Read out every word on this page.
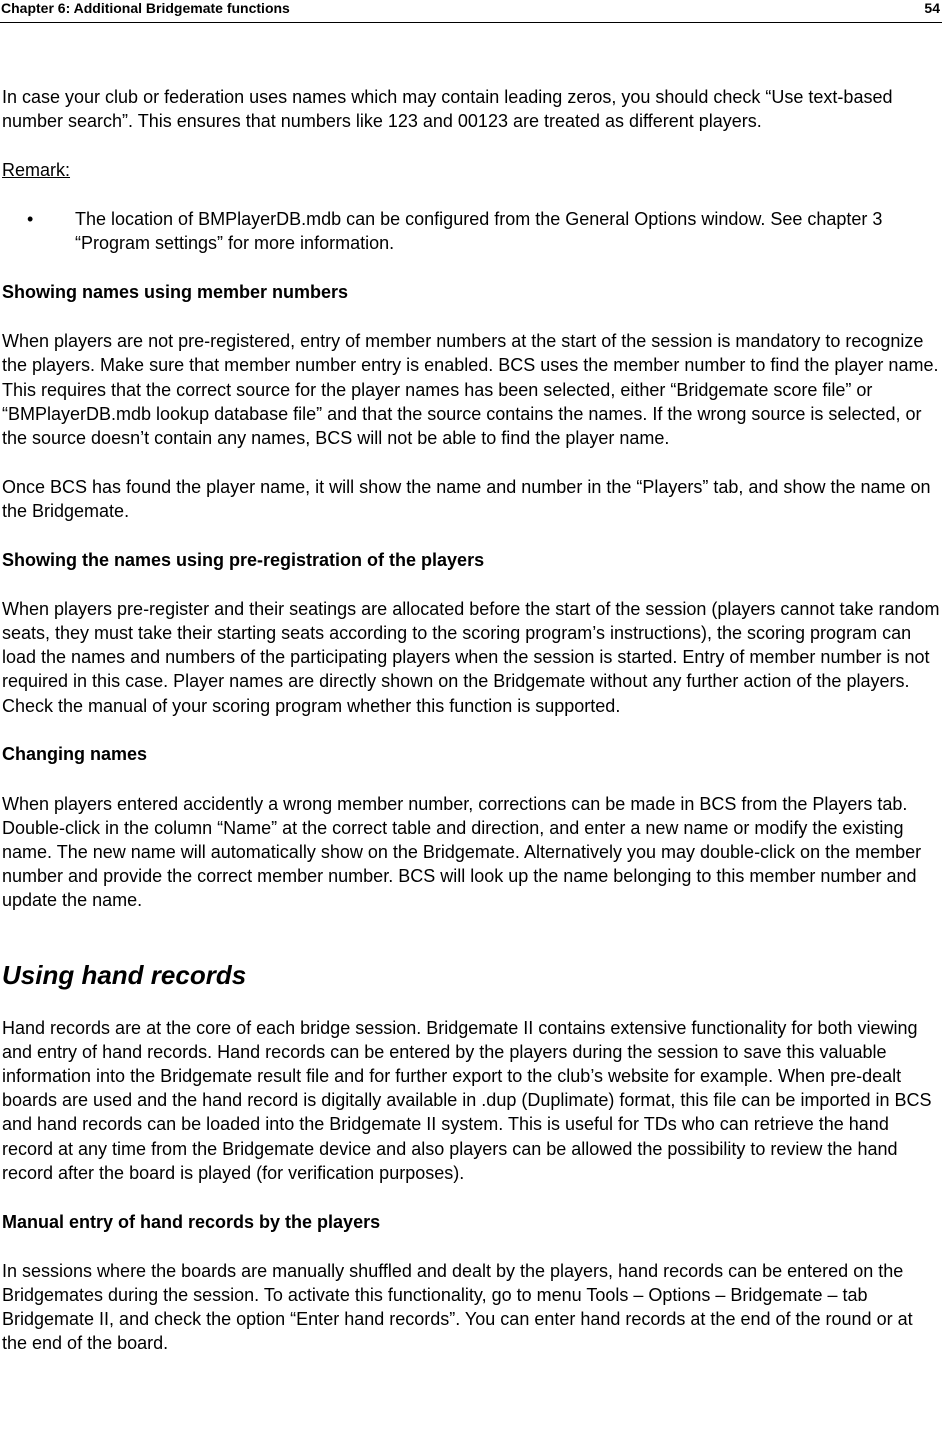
Chapter 6: Additional Bridgemate functions	54

In case your club or federation uses names which may contain leading zeros, you should check “Use text-based number search”. This ensures that numbers like 123 and 00123 are treated as different players.

Remark:

•	The location of BMPlayerDB.mdb can be configured from the General Options window. See chapter 3 “Program settings” for more information.

Showing names using member numbers

When players are not pre-registered, entry of member numbers at the start of the session is mandatory to recognize the players. Make sure that member number entry is enabled. BCS uses the member number to find the player name. This requires that the correct source for the player names has been selected, either “Bridgemate score file” or “BMPlayerDB.mdb lookup database file” and that the source contains the names. If the wrong source is selected, or the source doesn’t contain any names, BCS will not be able to find the player name.

Once BCS has found the player name, it will show the name and number in the “Players” tab, and show the name on the Bridgemate.

Showing the names using pre-registration of the players

When players pre-register and their seatings are allocated before the start of the session (players cannot take random seats, they must take their starting seats according to the scoring program’s instructions), the scoring program can load the names and numbers of the participating players when the session is started. Entry of member number is not required in this case. Player names are directly shown on the Bridgemate without any further action of the players. Check the manual of your scoring program whether this function is supported.

Changing names

When players entered accidently a wrong member number, corrections can be made in BCS from the Players tab. Double-click in the column “Name” at the correct table and direction, and enter a new name or modify the existing name. The new name will automatically show on the Bridgemate. Alternatively you may double-click on the member number and provide the correct member number. BCS will look up the name belonging to this member number and update the name.

Using hand records

Hand records are at the core of each bridge session. Bridgemate II contains extensive functionality for both viewing and entry of hand records. Hand records can be entered by the players during the session to save this valuable information into the Bridgemate result file and for further export to the club’s website for example. When pre-dealt boards are used and the hand record is digitally available in .dup (Duplimate) format, this file can be imported in BCS and hand records can be loaded into the Bridgemate II system. This is useful for TDs who can retrieve the hand record at any time from the Bridgemate device and also players can be allowed the possibility to review the hand record after the board is played (for verification purposes).

Manual entry of hand records by the players

In sessions where the boards are manually shuffled and dealt by the players, hand records can be entered on the Bridgemates during the session. To activate this functionality, go to menu Tools – Options – Bridgemate – tab Bridgemate II, and check the option “Enter hand records”. You can enter hand records at the end of the round or at the end of the board.
